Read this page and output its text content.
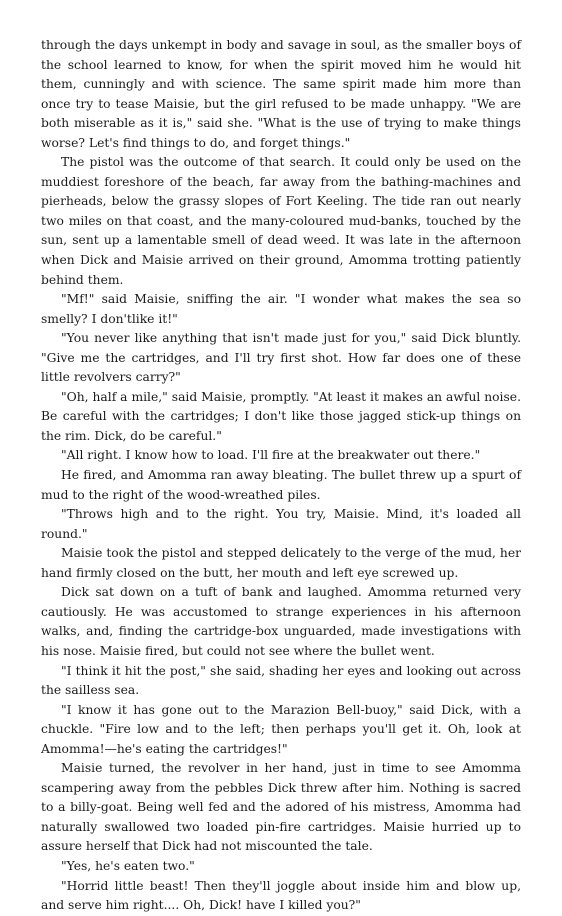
through the days unkempt in body and savage in soul, as the smaller boys of the school learned to know, for when the spirit moved him he would hit them, cunningly and with science. The same spirit made him more than once try to tease Maisie, but the girl refused to be made unhappy. "We are both miserable as it is," said she. "What is the use of trying to make things worse? Let's find things to do, and forget things."

The pistol was the outcome of that search. It could only be used on the muddiest foreshore of the beach, far away from the bathing-machines and pierheads, below the grassy slopes of Fort Keeling. The tide ran out nearly two miles on that coast, and the many-coloured mud-banks, touched by the sun, sent up a lamentable smell of dead weed. It was late in the afternoon when Dick and Maisie arrived on their ground, Amomma trotting patiently behind them.

"Mf!" said Maisie, sniffing the air. "I wonder what makes the sea so smelly? I don'tlike it!"

"You never like anything that isn't made just for you," said Dick bluntly. "Give me the cartridges, and I'll try first shot. How far does one of these little revolvers carry?"

"Oh, half a mile," said Maisie, promptly. "At least it makes an awful noise. Be careful with the cartridges; I don't like those jagged stick-up things on the rim. Dick, do be careful."

"All right. I know how to load. I'll fire at the breakwater out there."

He fired, and Amomma ran away bleating. The bullet threw up a spurt of mud to the right of the wood-wreathed piles.

"Throws high and to the right. You try, Maisie. Mind, it's loaded all round."

Maisie took the pistol and stepped delicately to the verge of the mud, her hand firmly closed on the butt, her mouth and left eye screwed up.

Dick sat down on a tuft of bank and laughed. Amomma returned very cautiously. He was accustomed to strange experiences in his afternoon walks, and, finding the cartridge-box unguarded, made investigations with his nose. Maisie fired, but could not see where the bullet went.

"I think it hit the post," she said, shading her eyes and looking out across the sailless sea.

"I know it has gone out to the Marazion Bell-buoy," said Dick, with a chuckle. "Fire low and to the left; then perhaps you'll get it. Oh, look at Amomma!—he's eating the cartridges!"

Maisie turned, the revolver in her hand, just in time to see Amomma scampering away from the pebbles Dick threw after him. Nothing is sacred to a billy-goat. Being well fed and the adored of his mistress, Amomma had naturally swallowed two loaded pin-fire cartridges. Maisie hurried up to assure herself that Dick had not miscounted the tale.

"Yes, he's eaten two."

"Horrid little beast! Then they'll joggle about inside him and blow up, and serve him right.... Oh, Dick! have I killed you?"
